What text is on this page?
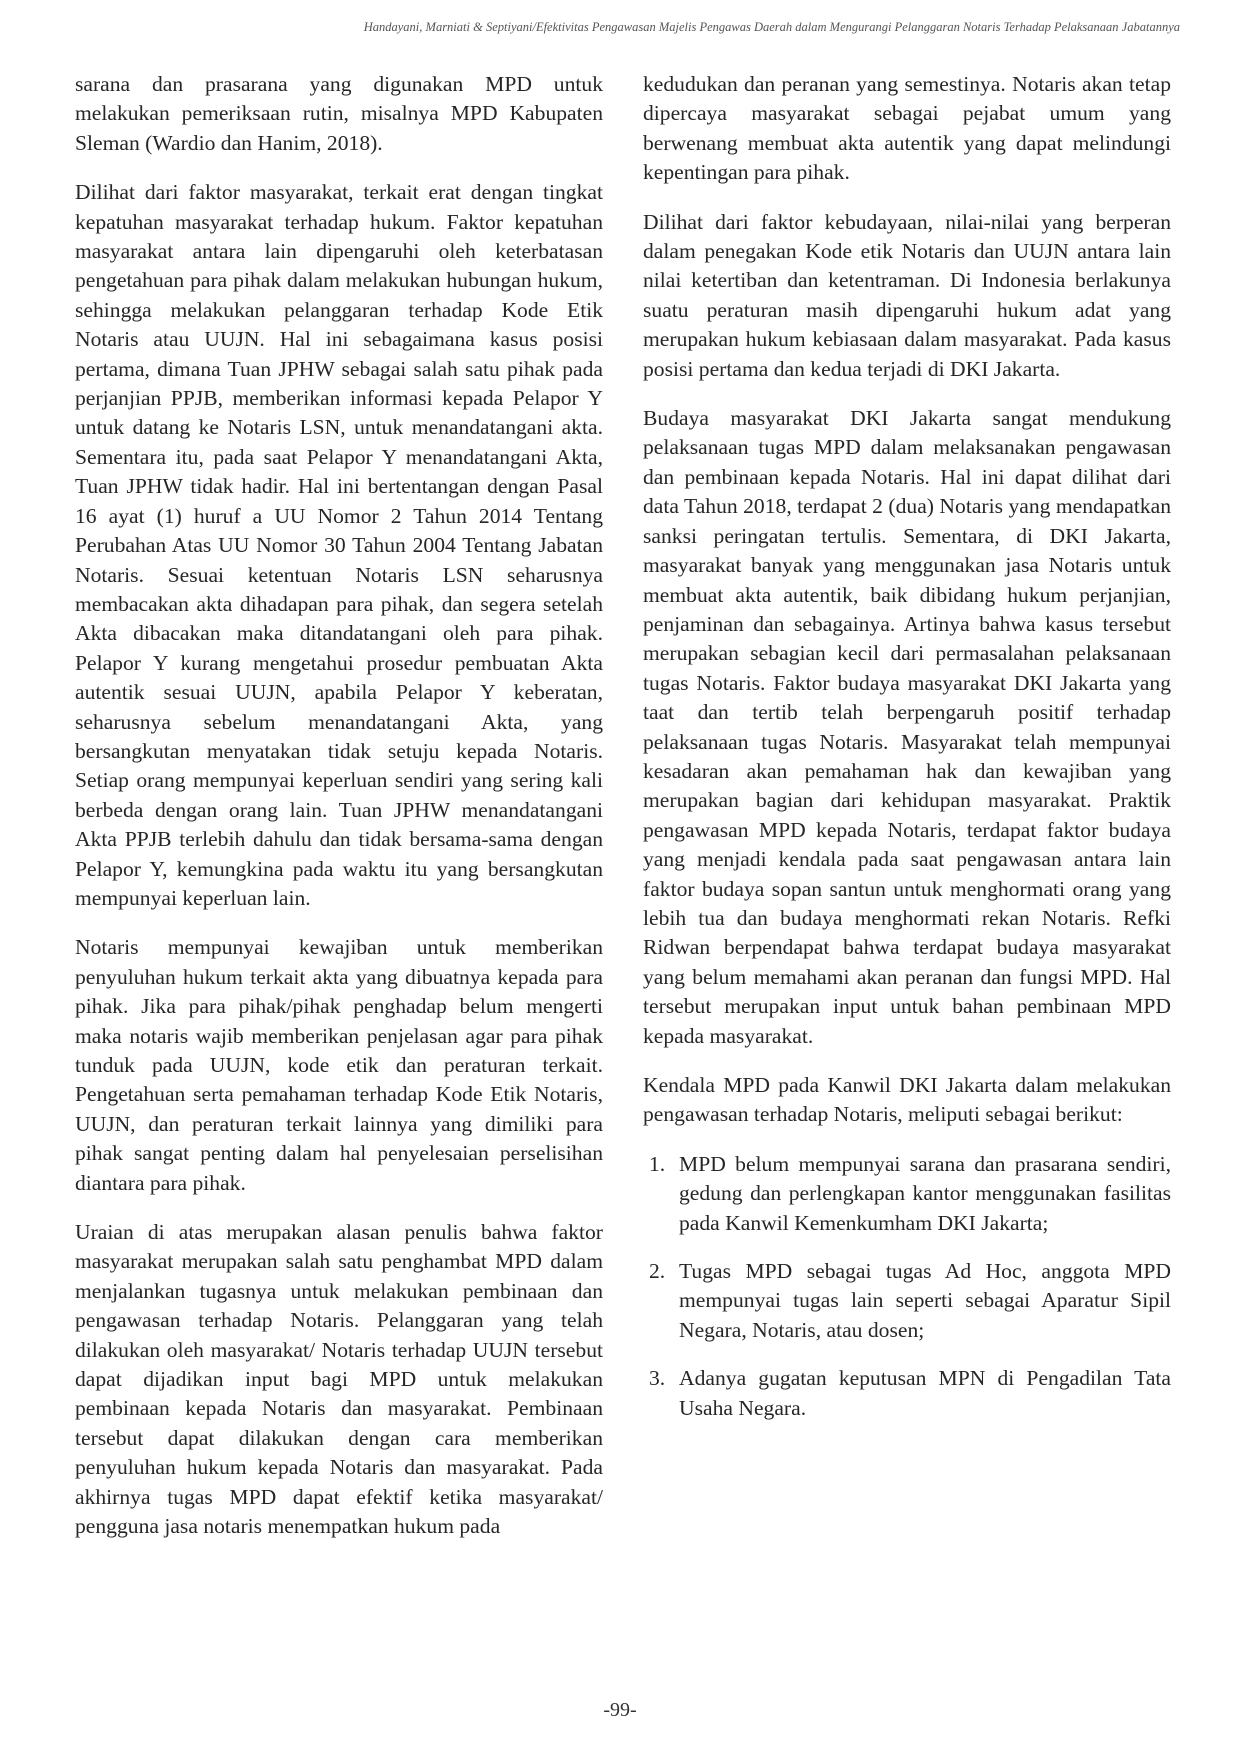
Handayani, Marniati & Septiyani/Efektivitas Pengawasan Majelis Pengawas Daerah dalam Mengurangi Pelanggaran Notaris Terhadap Pelaksanaan Jabatannya

sarana dan prasarana yang digunakan MPD untuk melakukan pemeriksaan rutin, misalnya MPD Kabupaten Sleman (Wardio dan Hanim, 2018).

Dilihat dari faktor masyarakat, terkait erat dengan tingkat kepatuhan masyarakat terhadap hukum. Faktor kepatuhan masyarakat antara lain dipengaruhi oleh keterbatasan pengetahuan para pihak dalam melakukan hubungan hukum, sehingga melakukan pelanggaran terhadap Kode Etik Notaris atau UUJN. Hal ini sebagaimana kasus posisi pertama, dimana Tuan JPHW sebagai salah satu pihak pada perjanjian PPJB, memberikan informasi kepada Pelapor Y untuk datang ke Notaris LSN, untuk menandatangani akta. Sementara itu, pada saat Pelapor Y menandatangani Akta, Tuan JPHW tidak hadir. Hal ini bertentangan dengan Pasal 16 ayat (1) huruf a UU Nomor 2 Tahun 2014 Tentang Perubahan Atas UU Nomor 30 Tahun 2004 Tentang Jabatan Notaris. Sesuai ketentuan Notaris LSN seharusnya membacakan akta dihadapan para pihak, dan segera setelah Akta dibacakan maka ditandatangani oleh para pihak. Pelapor Y kurang mengetahui prosedur pembuatan Akta autentik sesuai UUJN, apabila Pelapor Y keberatan, seharusnya sebelum menandatangani Akta, yang bersangkutan menyatakan tidak setuju kepada Notaris. Setiap orang mempunyai keperluan sendiri yang sering kali berbeda dengan orang lain. Tuan JPHW menandatangani Akta PPJB terlebih dahulu dan tidak bersama-sama dengan Pelapor Y, kemungkina pada waktu itu yang bersangkutan mempunyai keperluan lain.

Notaris mempunyai kewajiban untuk memberikan penyuluhan hukum terkait akta yang dibuatnya kepada para pihak. Jika para pihak/pihak penghadap belum mengerti maka notaris wajib memberikan penjelasan agar para pihak tunduk pada UUJN, kode etik dan peraturan terkait. Pengetahuan serta pemahaman terhadap Kode Etik Notaris, UUJN, dan peraturan terkait lainnya yang dimiliki para pihak sangat penting dalam hal penyelesaian perselisihan diantara para pihak.

Uraian di atas merupakan alasan penulis bahwa faktor masyarakat merupakan salah satu penghambat MPD dalam menjalankan tugasnya untuk melakukan pembinaan dan pengawasan terhadap Notaris. Pelanggaran yang telah dilakukan oleh masyarakat/ Notaris terhadap UUJN tersebut dapat dijadikan input bagi MPD untuk melakukan pembinaan kepada Notaris dan masyarakat. Pembinaan tersebut dapat dilakukan dengan cara memberikan penyuluhan hukum kepada Notaris dan masyarakat. Pada akhirnya tugas MPD dapat efektif ketika masyarakat/ pengguna jasa notaris menempatkan hukum pada

kedudukan dan peranan yang semestinya. Notaris akan tetap dipercaya masyarakat sebagai pejabat umum yang berwenang membuat akta autentik yang dapat melindungi kepentingan para pihak.

Dilihat dari faktor kebudayaan, nilai-nilai yang berperan dalam penegakan Kode etik Notaris dan UUJN antara lain nilai ketertiban dan ketentraman. Di Indonesia berlakunya suatu peraturan masih dipengaruhi hukum adat yang merupakan hukum kebiasaan dalam masyarakat. Pada kasus posisi pertama dan kedua terjadi di DKI Jakarta.

Budaya masyarakat DKI Jakarta sangat mendukung pelaksanaan tugas MPD dalam melaksanakan pengawasan dan pembinaan kepada Notaris. Hal ini dapat dilihat dari data Tahun 2018, terdapat 2 (dua) Notaris yang mendapatkan sanksi peringatan tertulis. Sementara, di DKI Jakarta, masyarakat banyak yang menggunakan jasa Notaris untuk membuat akta autentik, baik dibidang hukum perjanjian, penjaminan dan sebagainya. Artinya bahwa kasus tersebut merupakan sebagian kecil dari permasalahan pelaksanaan tugas Notaris. Faktor budaya masyarakat DKI Jakarta yang taat dan tertib telah berpengaruh positif terhadap pelaksanaan tugas Notaris. Masyarakat telah mempunyai kesadaran akan pemahaman hak dan kewajiban yang merupakan bagian dari kehidupan masyarakat. Praktik pengawasan MPD kepada Notaris, terdapat faktor budaya yang menjadi kendala pada saat pengawasan antara lain faktor budaya sopan santun untuk menghormati orang yang lebih tua dan budaya menghormati rekan Notaris. Refki Ridwan berpendapat bahwa terdapat budaya masyarakat yang belum memahami akan peranan dan fungsi MPD. Hal tersebut merupakan input untuk bahan pembinaan MPD kepada masyarakat.

Kendala MPD pada Kanwil DKI Jakarta dalam melakukan pengawasan terhadap Notaris, meliputi sebagai berikut:

1. MPD belum mempunyai sarana dan prasarana sendiri, gedung dan perlengkapan kantor menggunakan fasilitas pada Kanwil Kemenkumham DKI Jakarta;
2. Tugas MPD sebagai tugas Ad Hoc, anggota MPD mempunyai tugas lain seperti sebagai Aparatur Sipil Negara, Notaris, atau dosen;
3. Adanya gugatan keputusan MPN di Pengadilan Tata Usaha Negara.
-99-
